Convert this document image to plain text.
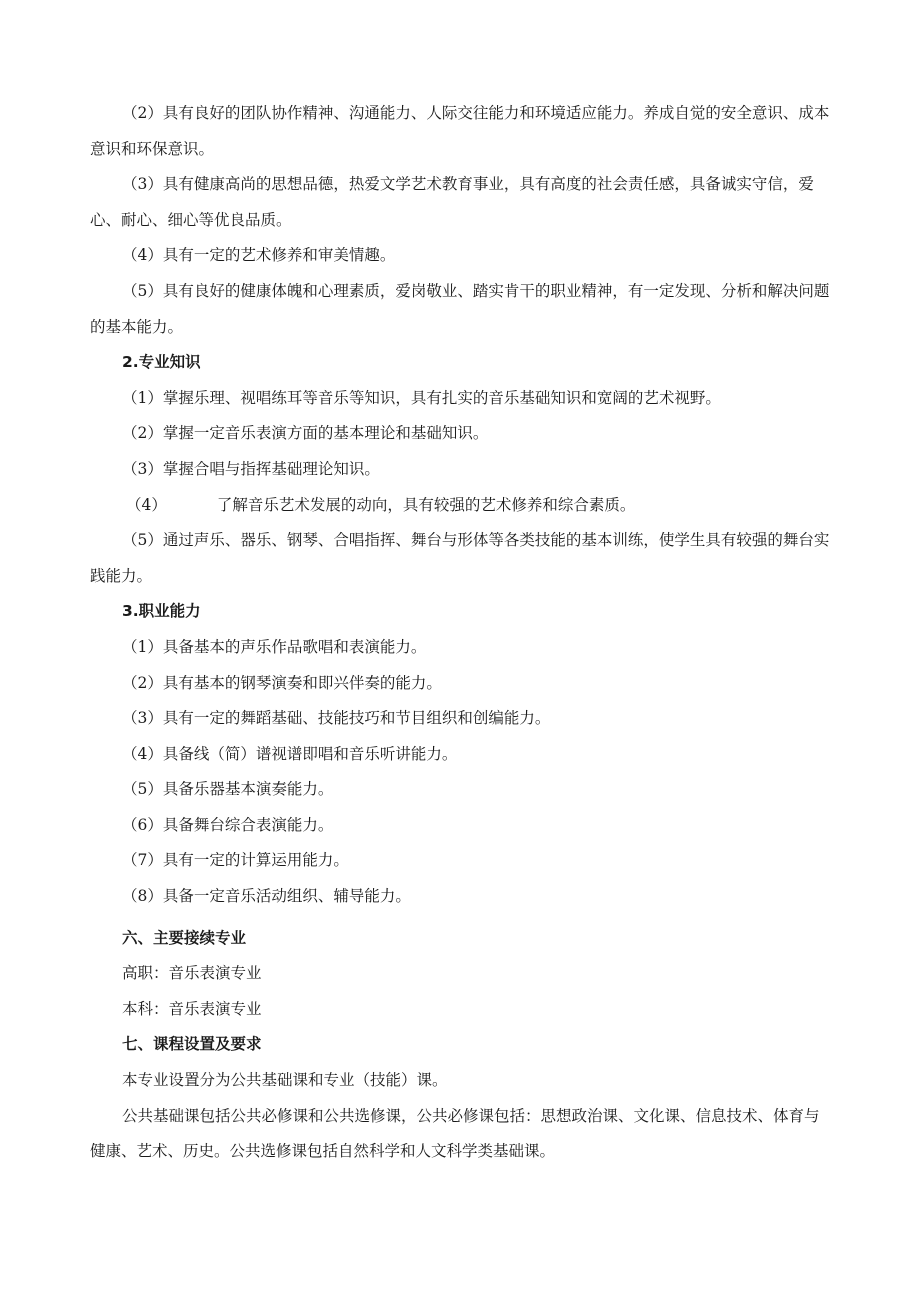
（2）具有良好的团队协作精神、沟通能力、人际交往能力和环境适应能力。养成自觉的安全意识、成本意识和环保意识。

（3）具有健康高尚的思想品德，热爱文学艺术教育事业，具有高度的社会责任感，具备诚实守信，爱心、耐心、细心等优良品质。

（4）具有一定的艺术修养和审美情趣。

（5）具有良好的健康体魄和心理素质，爱岗敬业、踏实肯干的职业精神，有一定发现、分析和解决问题的基本能力。

2.专业知识

（1）掌握乐理、视唱练耳等音乐等知识，具有扎实的音乐基础知识和宽阔的艺术视野。

（2）掌握一定音乐表演方面的基本理论和基础知识。

（3）掌握合唱与指挥基础理论知识。

（4）	了解音乐艺术发展的动向，具有较强的艺术修养和综合素质。

（5）通过声乐、器乐、钢琴、合唱指挥、舞台与形体等各类技能的基本训练，使学生具有较强的舞台实践能力。

3.职业能力

（1）具备基本的声乐作品歌唱和表演能力。

（2）具有基本的钢琴演奏和即兴伴奏的能力。

（3）具有一定的舞蹈基础、技能技巧和节目组织和创编能力。

（4）具备线（简）谱视谱即唱和音乐听讲能力。

（5）具备乐器基本演奏能力。

（6）具备舞台综合表演能力。

（7）具有一定的计算运用能力。

（8）具备一定音乐活动组织、辅导能力。

六、主要接续专业

高职：音乐表演专业

本科：音乐表演专业

七、课程设置及要求

本专业设置分为公共基础课和专业（技能）课。

公共基础课包括公共必修课和公共选修课，公共必修课包括：思想政治课、文化课、信息技术、体育与健康、艺术、历史。公共选修课包括自然科学和人文科学类基础课。
